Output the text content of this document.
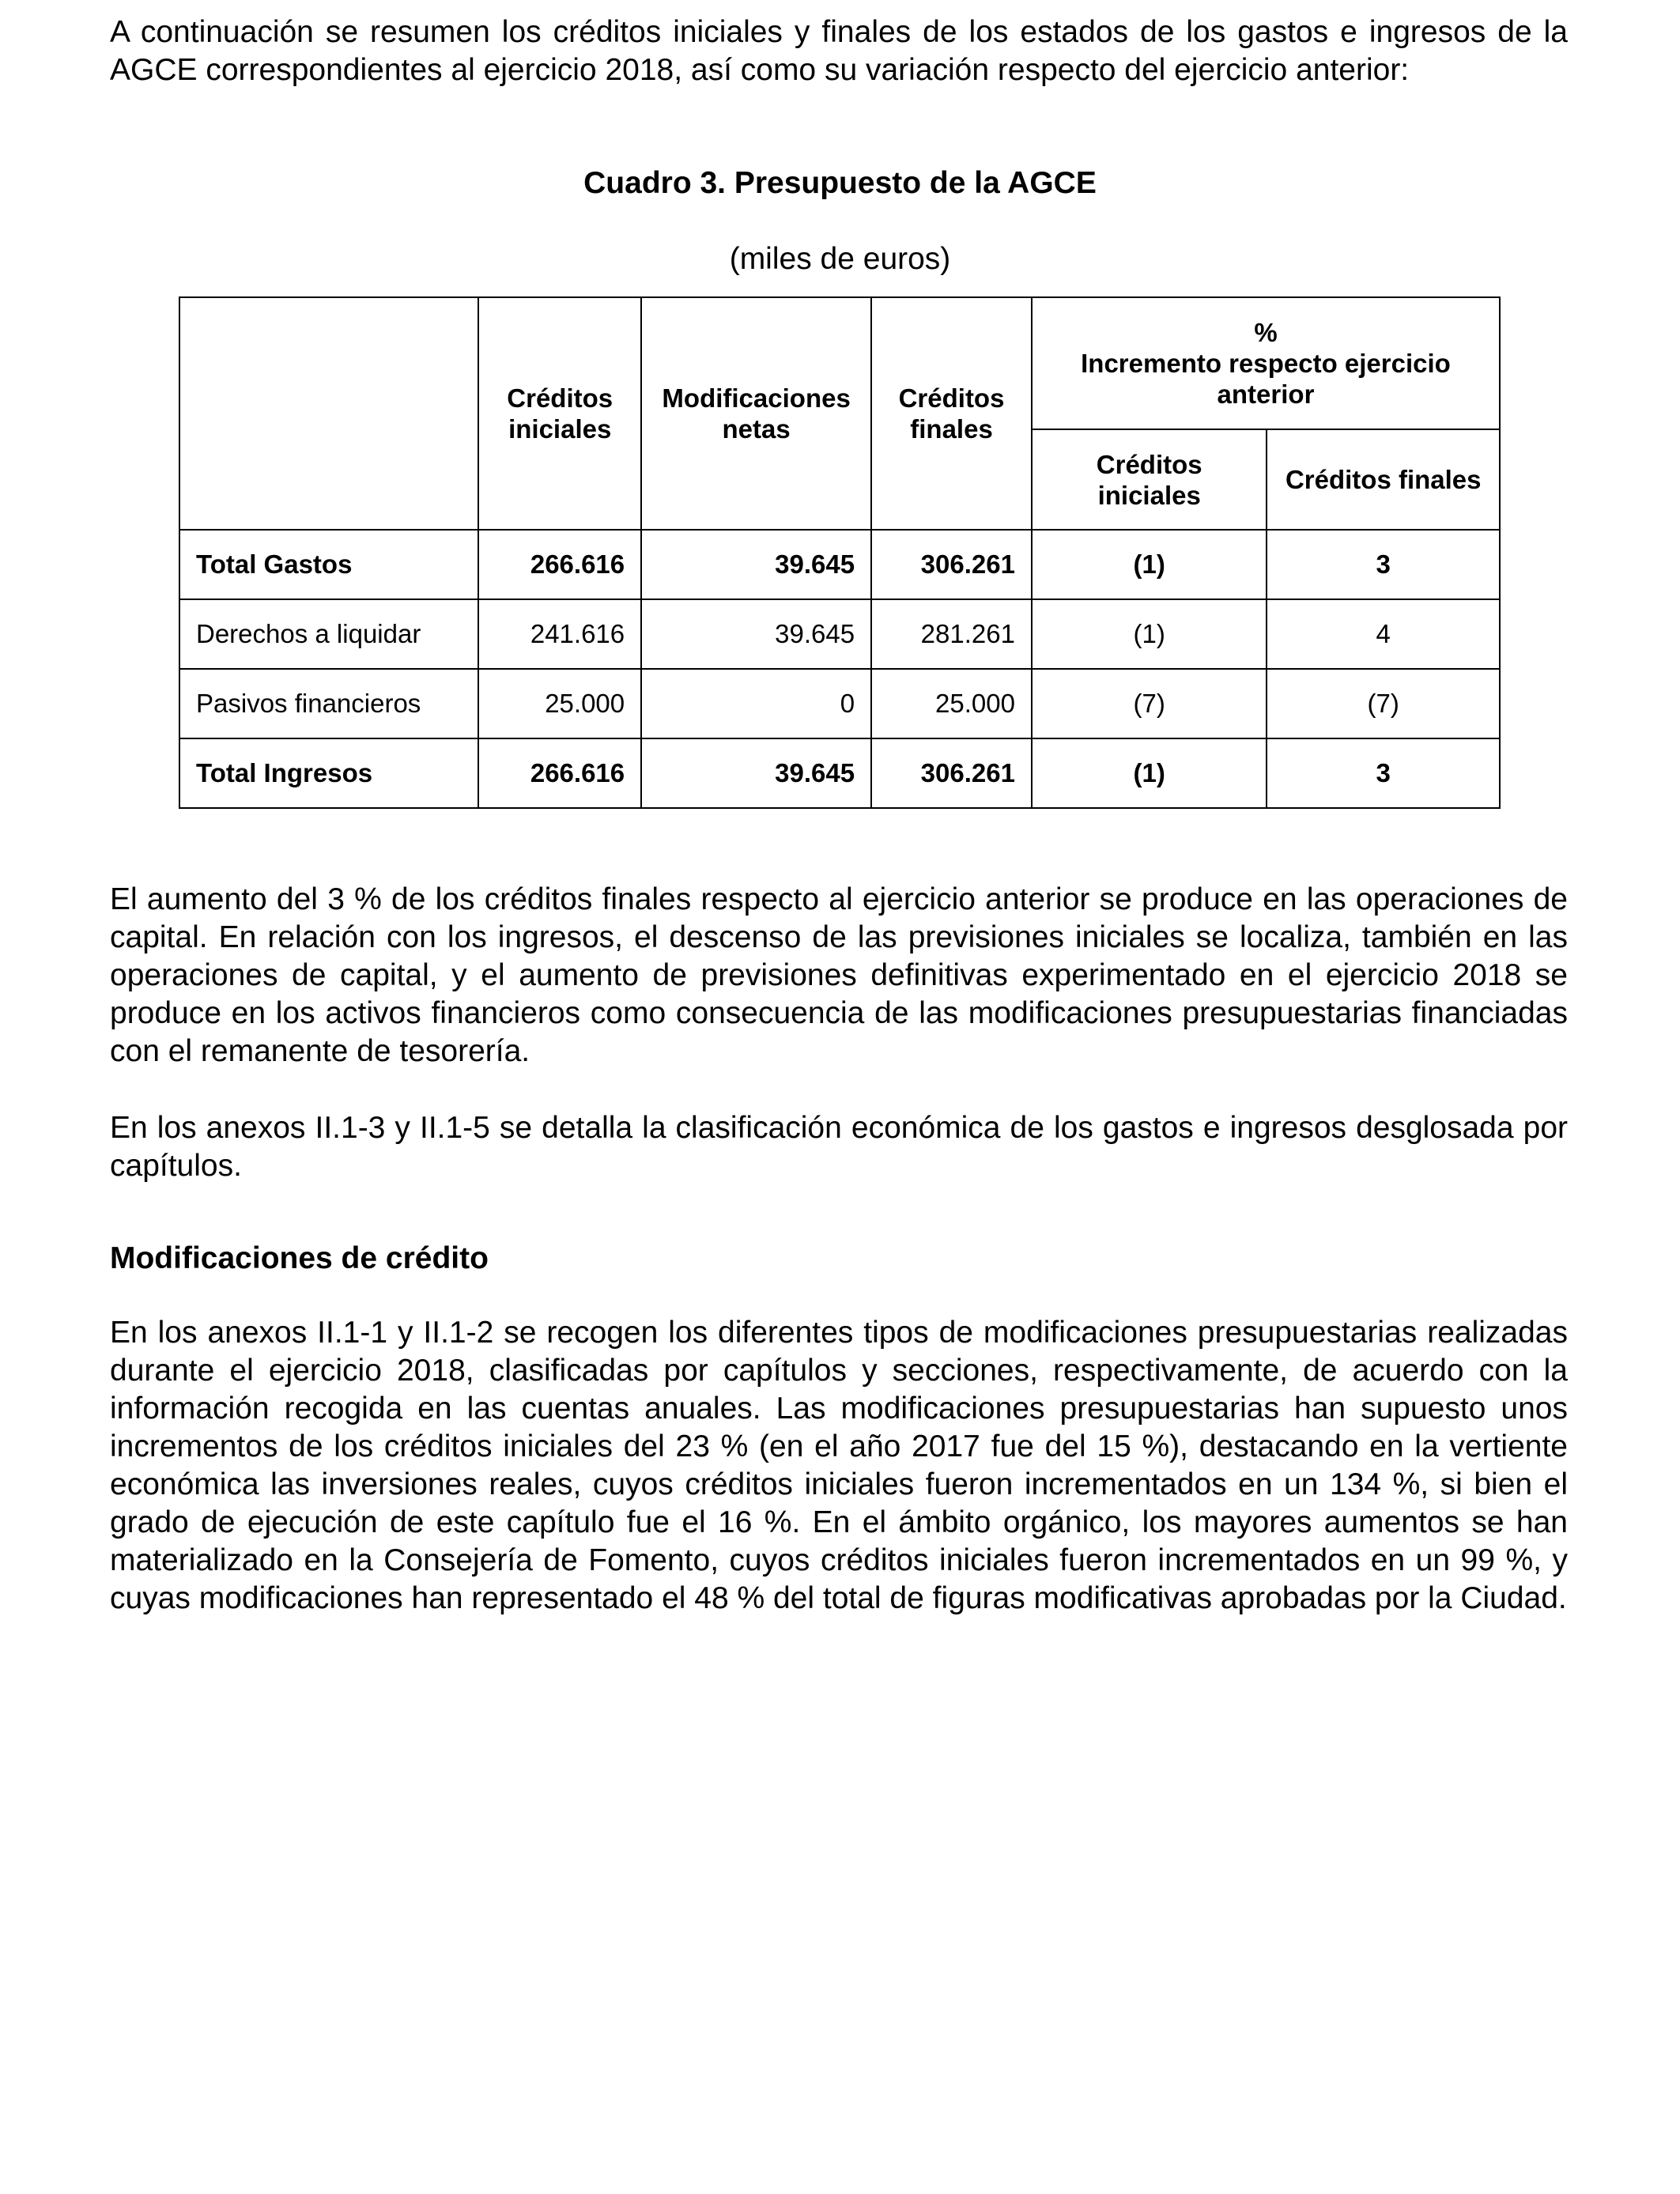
A continuación se resumen los créditos iniciales y finales de los estados de los gastos e ingresos de la AGCE correspondientes al ejercicio 2018, así como su variación respecto del ejercicio anterior:

Cuadro 3. Presupuesto de la AGCE

(miles de euros)

	Créditos iniciales	Modificaciones netas	Créditos finales	%
Incremento respecto ejercicio anterior	

				Créditos iniciales	Créditos finales
Total Gastos	266.616	39.645	306.261	(1)	3
Derechos a liquidar	241.616	39.645	281.261	(1)	4
Pasivos financieros	25.000	0	25.000	(7)	(7)
Total Ingresos	266.616	39.645	306.261	(1)	3

El aumento del 3 % de los créditos finales respecto al ejercicio anterior se produce en las operaciones de capital. En relación con los ingresos, el descenso de las previsiones iniciales se localiza, también en las operaciones de capital, y el aumento de previsiones definitivas experimentado en el ejercicio 2018 se produce en los activos financieros como consecuencia de las modificaciones presupuestarias financiadas con el remanente de tesorería.

En los anexos II.1-3 y II.1-5 se detalla la clasificación económica de los gastos e ingresos desglosada por capítulos.

Modificaciones de crédito

En los anexos II.1-1 y II.1-2 se recogen los diferentes tipos de modificaciones presupuestarias realizadas durante el ejercicio 2018, clasificadas por capítulos y secciones, respectivamente, de acuerdo con la información recogida en las cuentas anuales. Las modificaciones presupuestarias han supuesto unos incrementos de los créditos iniciales del 23 % (en el año 2017 fue del 15 %), destacando en la vertiente económica las inversiones reales, cuyos créditos iniciales fueron incrementados en un 134 %, si bien el grado de ejecución de este capítulo fue el 16 %. En el ámbito orgánico, los mayores aumentos se han materializado en la Consejería de Fomento, cuyos créditos iniciales fueron incrementados en un 99 %, y cuyas modificaciones han representado el 48 % del total de figuras modificativas aprobadas por la Ciudad.
